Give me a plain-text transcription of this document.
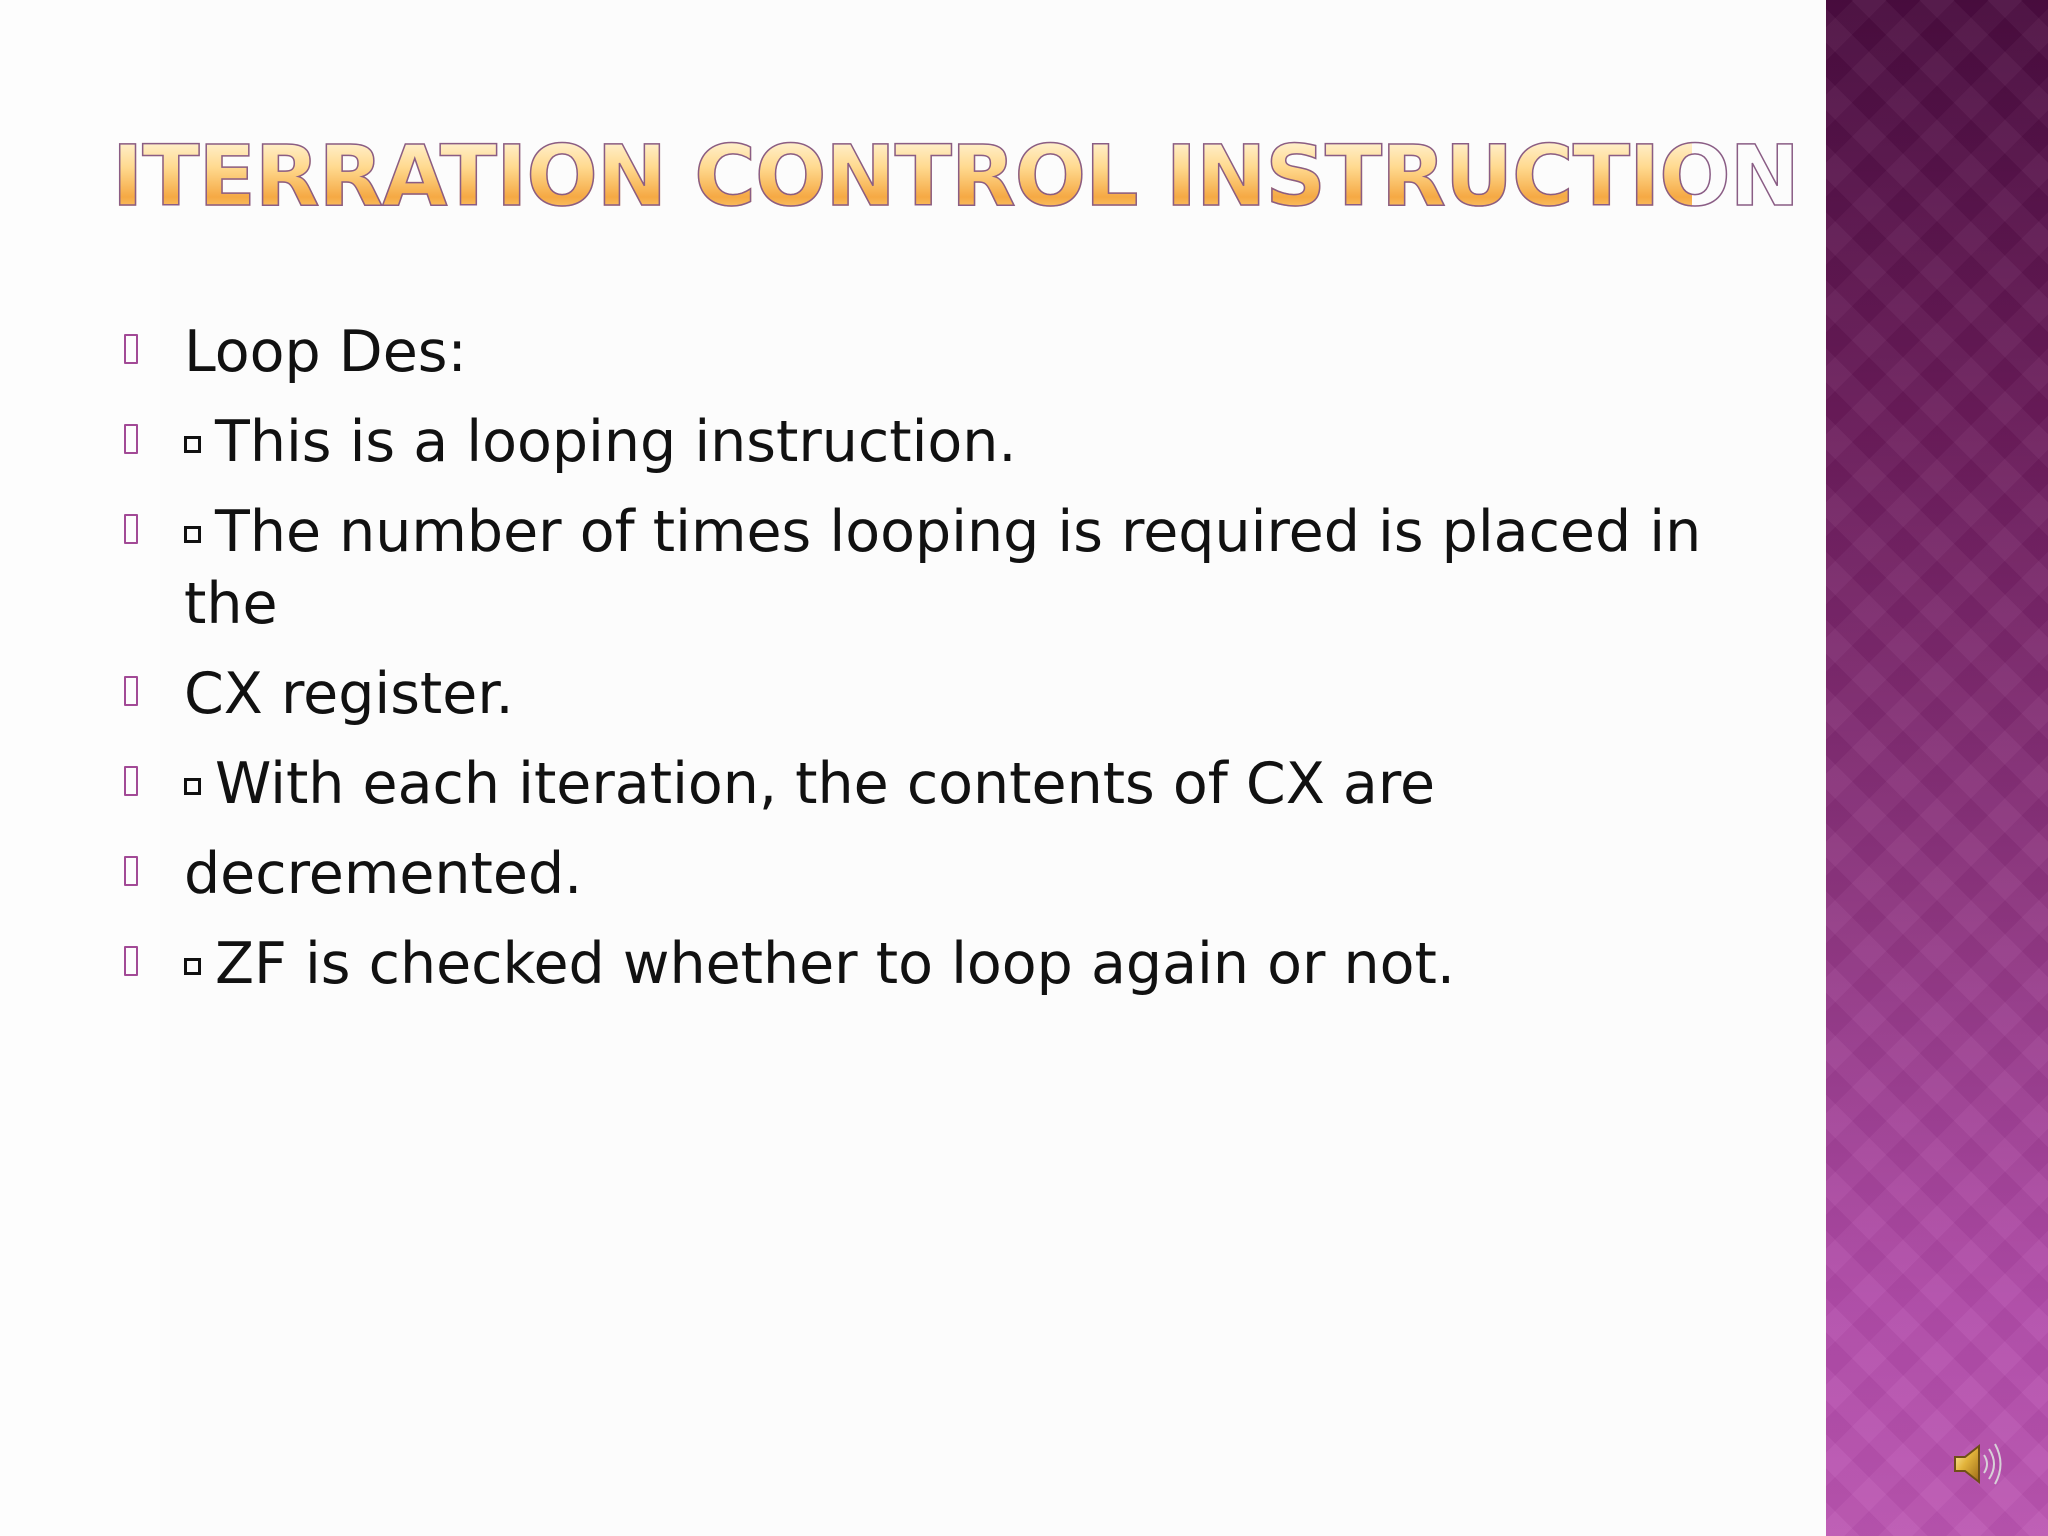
ITERRATION CONTROL INSTRUCTION
Loop Des:
This is a looping instruction.
The number of times looping is required is placed in the
CX register.
With each iteration, the contents of CX are
decremented.
ZF is checked whether to loop again or not.
